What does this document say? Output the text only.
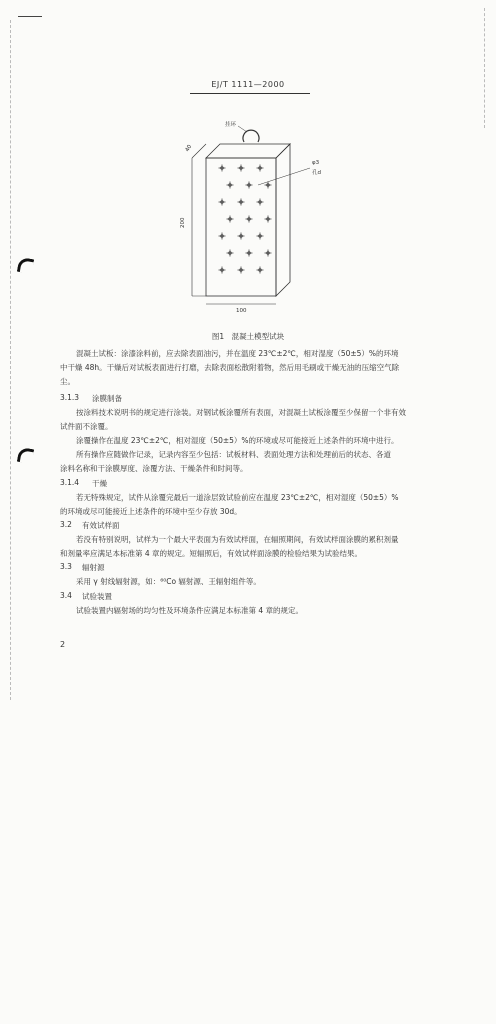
EJ/T 1111—2000
挂环
φ3
孔d
200
40
100
图1　混凝土模型试块
混凝土试板：涂漆涂料前，应去除表面油污，并在温度 23℃±2℃，相对湿度（50±5）%的环境
中干燥 48h。干燥后对试板表面进行打磨，去除表面松散附着物，然后用毛刷或干燥无油的压缩空气除
尘。
3.1.3 涂膜制备
按涂料技术说明书的规定进行涂装。对钢试板涂覆所有表面，对混凝土试板涂覆至少保留一个非有效
试件面不涂覆。
涂覆操作在温度 23℃±2℃，相对湿度（50±5）%的环境或尽可能接近上述条件的环境中进行。
所有操作应随做作记录，记录内容至少包括：试板材料、表面处理方法和处理前后的状态、各道
涂料名称和干涂膜厚度、涂覆方法、干燥条件和时间等。
3.1.4 干燥
若无特殊规定，试件从涂覆完最后一道涂层致试验前应在温度 23℃±2℃，相对湿度（50±5）%
的环境或尽可能接近上述条件的环境中至少存放 30d。
3.2 有效试样面
若没有特别说明，试样为一个最大平表面为有效试样面，在辐照期间，有效试样面涂膜的累积剂量
和剂量率应满足本标准第 4 章的规定。短辐照后，有效试样面涂膜的检验结果为试验结果。
3.3 辐射源
采用 γ 射线辐射源，如：⁶⁰Co 辐射源、王辐射组件等。
3.4 试验装置
试验装置内辐射场的均匀性及环境条件应满足本标准第 4 章的规定。
2
